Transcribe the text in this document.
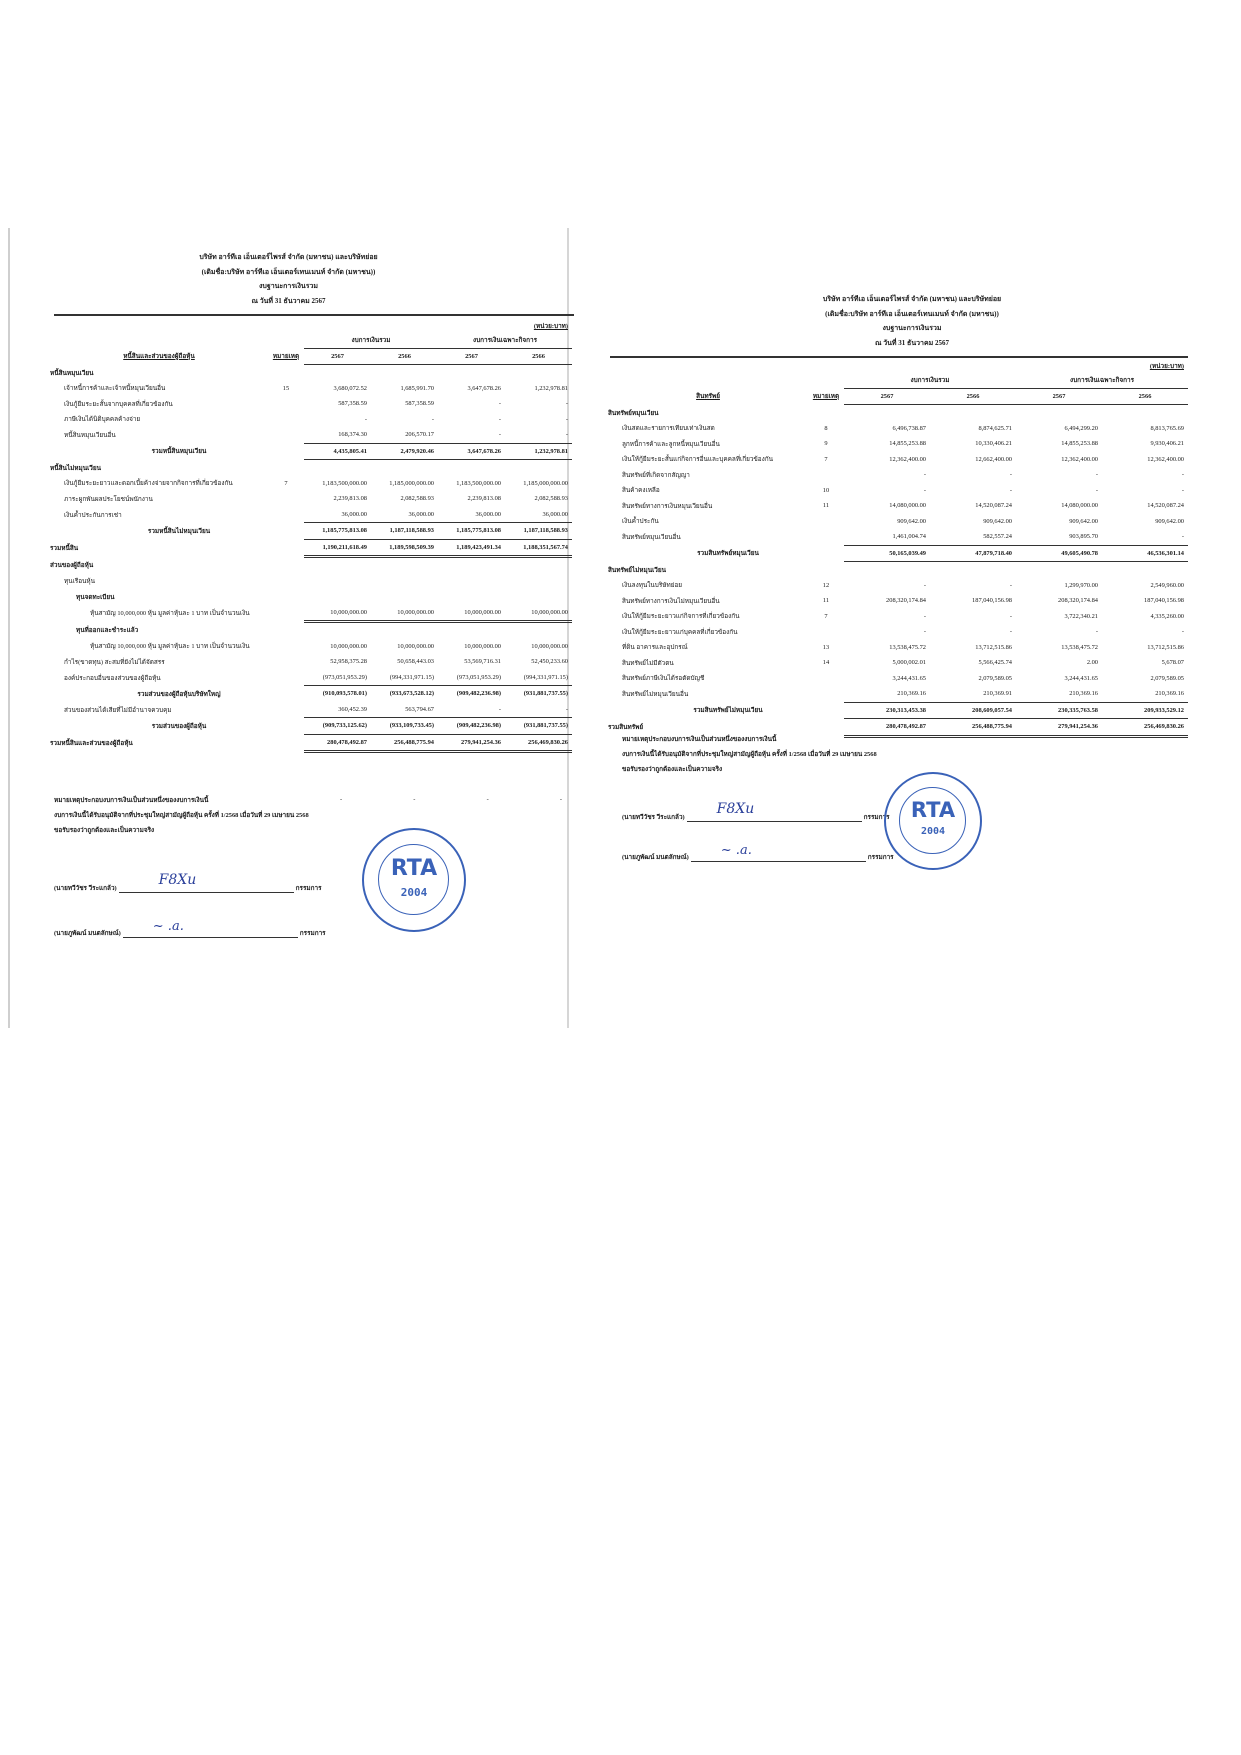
บริษัท อาร์ทีเอ เอ็นเตอร์ไพรส์ จำกัด (มหาชน) และบริษัทย่อย
(เดิมชื่อ:บริษัท อาร์ทีเอ เอ็นเตอร์เทนเมนท์ จำกัด (มหาชน))
งบฐานะการเงินรวม
ณ วันที่ 31 ธันวาคม 2567
(หน่วย:บาท)					
		งบการเงินรวม		งบการเงินเฉพาะกิจการ	
หนี้สินและส่วนของผู้ถือหุ้น	หมายเหตุ	2567	2566	2567	2566
หนี้สินหมุนเวียน					
เจ้าหนี้การค้าและเจ้าหนี้หมุนเวียนอื่น	15	3,680,072.52	1,685,991.70	3,647,678.26	1,232,978.81
เงินกู้ยืมระยะสั้นจากบุคคลที่เกี่ยวข้องกัน		587,358.59	587,358.59	-	-
ภาษีเงินได้นิติบุคคลค้างจ่าย		-	-	-	-
หนี้สินหมุนเวียนอื่น		168,374.30	206,570.17	-	-
รวมหนี้สินหมุนเวียน		4,435,805.41	2,479,920.46	3,647,678.26	1,232,978.81
หนี้สินไม่หมุนเวียน					
เงินกู้ยืมระยะยาวและดอกเบี้ยค้างจ่ายจากกิจการที่เกี่ยวข้องกัน	7	1,183,500,000.00	1,185,000,000.00	1,183,500,000.00	1,185,000,000.00
ภาระผูกพันผลประโยชน์พนักงาน		2,239,813.08	2,082,588.93	2,239,813.08	2,082,588.93
เงินค้ำประกันการเช่า		36,000.00	36,000.00	36,000.00	36,000.00
รวมหนี้สินไม่หมุนเวียน		1,185,775,813.08	1,187,118,588.93	1,185,775,813.08	1,187,118,588.93
รวมหนี้สิน		1,190,211,618.49	1,189,598,509.39	1,189,423,491.34	1,188,351,567.74
ส่วนของผู้ถือหุ้น					
ทุนเรือนหุ้น					
ทุนจดทะเบียน					
หุ้นสามัญ 10,000,000 หุ้น มูลค่าหุ้นละ 1 บาท เป็นจำนวนเงิน		10,000,000.00	10,000,000.00	10,000,000.00	10,000,000.00
ทุนที่ออกและชำระแล้ว					
หุ้นสามัญ 10,000,000 หุ้น มูลค่าหุ้นละ 1 บาท เป็นจำนวนเงิน		10,000,000.00	10,000,000.00	10,000,000.00	10,000,000.00
กำไร(ขาดทุน) สะสมที่ยังไม่ได้จัดสรร		52,958,375.28	50,658,443.03	53,569,716.31	52,450,233.60
องค์ประกอบอื่นของส่วนของผู้ถือหุ้น		(973,051,953.29)	(994,331,971.15)	(973,051,953.29)	(994,331,971.15)
รวมส่วนของผู้ถือหุ้นบริษัทใหญ่		(910,093,578.01)	(933,673,528.12)	(909,482,236.98)	(931,881,737.55)
ส่วนของส่วนได้เสียที่ไม่มีอำนาจควบคุม		360,452.39	563,794.67	-	-
รวมส่วนของผู้ถือหุ้น		(909,733,125.62)	(933,109,733.45)	(909,482,236.98)	(931,881,737.55)
รวมหนี้สินและส่วนของผู้ถือหุ้น		280,478,492.87	256,488,775.94	279,941,254.36	256,469,830.26
หมายเหตุประกอบงบการเงินเป็นส่วนหนึ่งของงบการเงินนี้
งบการเงินนี้ได้รับอนุมัติจากที่ประชุมใหญ่สามัญผู้ถือหุ้น ครั้งที่ 1/2568 เมื่อวันที่ 29 เมษายน 2568
ขอรับรองว่าถูกต้องและเป็นความจริง
-	-	-	-
(นายทวีวัชร วีระแกล้ว)
F8Xu
กรรมการ
(นายภูพัฒน์ มนตลักษณ์) ~ .a.	กรรมการ
RTA
2004
บริษัท อาร์ทีเอ เอ็นเตอร์ไพรส์ จำกัด (มหาชน) และบริษัทย่อย
(เดิมชื่อ:บริษัท อาร์ทีเอ เอ็นเตอร์เทนเมนท์ จำกัด (มหาชน))
งบฐานะการเงินรวม
ณ วันที่ 31 ธันวาคม 2567
(หน่วย:บาท)					
		งบการเงินรวม		งบการเงินเฉพาะกิจการ	
สินทรัพย์	หมายเหตุ	2567	2566	2567	2566
สินทรัพย์หมุนเวียน					
เงินสดและรายการเทียบเท่าเงินสด	8	6,496,738.87	8,874,625.71	6,494,299.20	8,813,765.69
ลูกหนี้การค้าและลูกหนี้หมุนเวียนอื่น	9	14,855,253.88	10,330,406.21	14,855,253.88	9,930,406.21
เงินให้กู้ยืมระยะสั้นแก่กิจการอื่นและบุคคลที่เกี่ยวข้องกัน	7	12,362,400.00	12,662,400.00	12,362,400.00	12,362,400.00
สินทรัพย์ที่เกิดจากสัญญา		-	-	-	-
สินค้าคงเหลือ	10	-	-	-	-
สินทรัพย์ทางการเงินหมุนเวียนอื่น	11	14,080,000.00	14,520,087.24	14,080,000.00	14,520,087.24
เงินค้ำประกัน		909,642.00	909,642.00	909,642.00	909,642.00
สินทรัพย์หมุนเวียนอื่น		1,461,004.74	582,557.24	903,895.70	-
รวมสินทรัพย์หมุนเวียน		50,165,039.49	47,879,718.40	49,605,490.78	46,536,301.14
สินทรัพย์ไม่หมุนเวียน					
เงินลงทุนในบริษัทย่อย	12	-	-	1,299,970.00	2,549,960.00
สินทรัพย์ทางการเงินไม่หมุนเวียนอื่น	11	208,320,174.84	187,040,156.98	208,320,174.84	187,040,156.98
เงินให้กู้ยืมระยะยาวแก่กิจการที่เกี่ยวข้องกัน	7	-	-	3,722,340.21	4,335,260.00
เงินให้กู้ยืมระยะยาวแก่บุคคลที่เกี่ยวข้องกัน		-	-	-	-
ที่ดิน อาคารและอุปกรณ์	13	13,538,475.72	13,712,515.86	13,538,475.72	13,712,515.86
สินทรัพย์ไม่มีตัวตน	14	5,000,002.01	5,566,425.74	2.00	5,678.07
สินทรัพย์ภาษีเงินได้รอตัดบัญชี		3,244,431.65	2,079,589.05	3,244,431.65	2,079,589.05
สินทรัพย์ไม่หมุนเวียนอื่น		210,369.16	210,369.91	210,369.16	210,369.16
รวมสินทรัพย์ไม่หมุนเวียน		230,313,453.38	208,609,057.54	230,335,763.58	209,933,529.12
รวมสินทรัพย์		280,478,492.87	256,488,775.94	279,941,254.36	256,469,830.26
หมายเหตุประกอบงบการเงินเป็นส่วนหนึ่งของงบการเงินนี้
งบการเงินนี้ได้รับอนุมัติจากที่ประชุมใหญ่สามัญผู้ถือหุ้น ครั้งที่ 1/2568 เมื่อวันที่ 29 เมษายน 2568
ขอรับรองว่าถูกต้องและเป็นความจริง
(นายทวีวัชร วีระแกล้ว)
F8Xu
กรรมการ
(นายภูพัฒน์ มนตลักษณ์) ~ .a.	กรรมการ
RTA
2004
